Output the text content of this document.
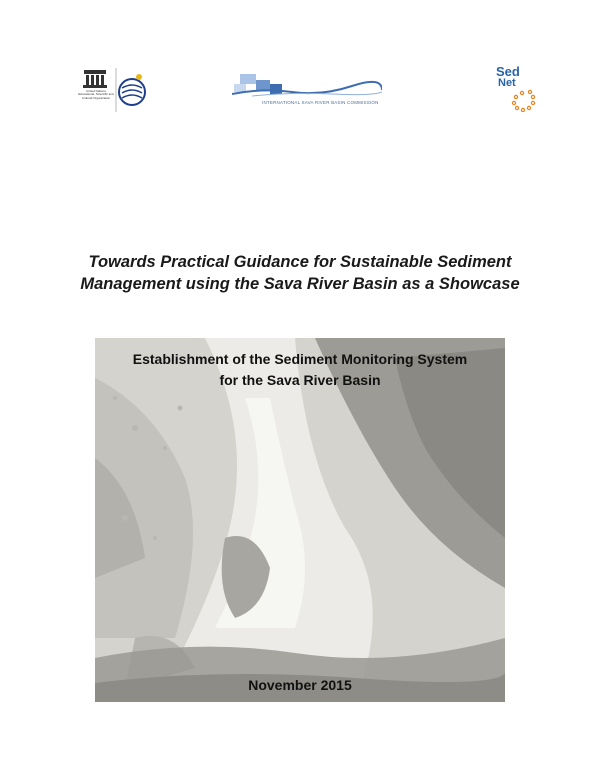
United Nations Educational, Scientific and Cultural Organization
INTERNATIONAL SAVA RIVER BASIN COMMISSION
Sed
Net
Towards Practical Guidance for Sustainable Sediment
Management using the Sava River Basin as a Showcase
Establishment of the Sediment Monitoring System
for the Sava River Basin
November 2015
